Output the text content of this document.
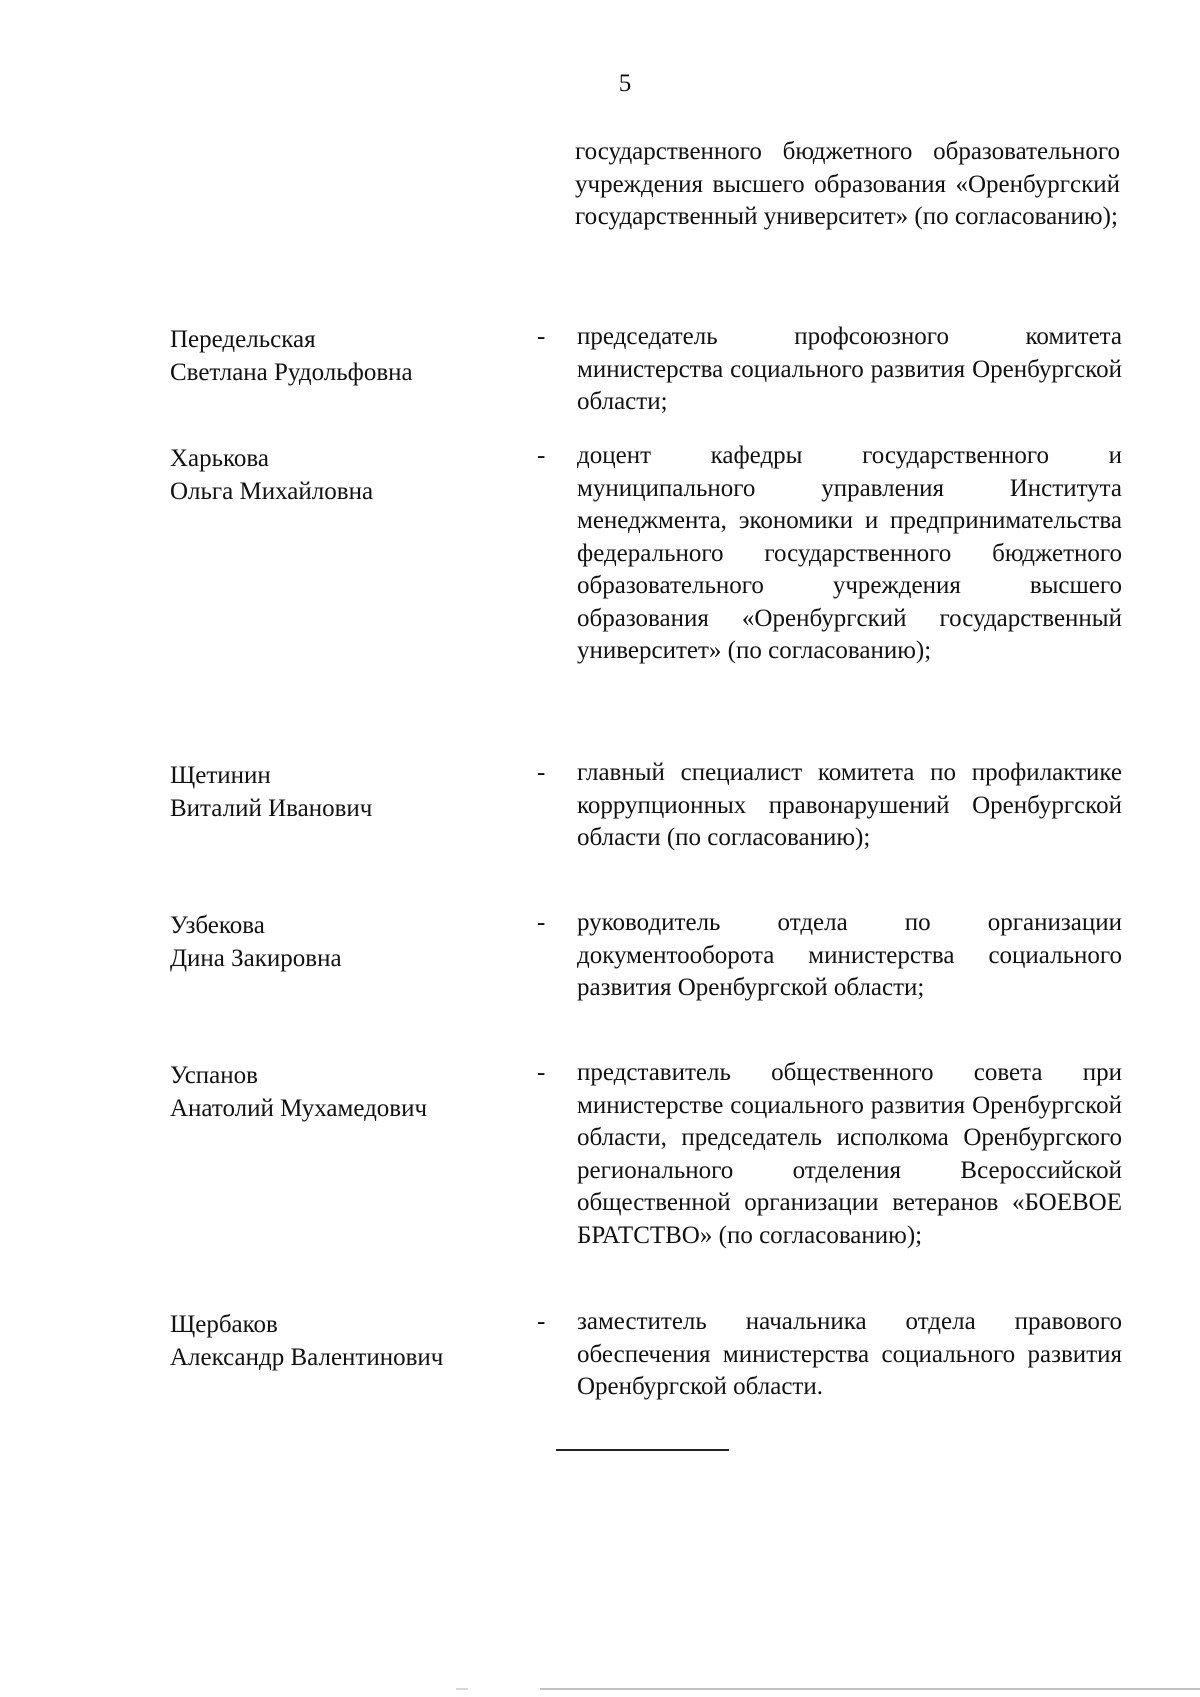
5
государственного бюджетного образовательного учреждения высшего образования «Оренбургский государственный университет» (по согласованию);
Передельская
Светлана Рудольфовна
- председатель профсоюзного комитета министерства социального развития Оренбургской области;
Харькова
Ольга Михайловна
- доцент кафедры государственного и муниципального управления Института менеджмента, экономики и предпринимательства федерального государственного бюджетного образовательного учреждения высшего образования «Оренбургский государственный университет» (по согласованию);
Щетинин
Виталий Иванович
- главный специалист комитета по профилактике коррупционных правонарушений Оренбургской области (по согласованию);
Узбекова
Дина Закировна
- руководитель отдела по организации документооборота министерства социального развития Оренбургской области;
Успанов
Анатолий Мухамедович
- представитель общественного совета при министерстве социального развития Оренбургской области, председатель исполкома Оренбургского регионального отделения Всероссийской общественной организации ветеранов «БОЕВОЕ БРАТСТВО» (по согласованию);
Щербаков
Александр Валентинович
- заместитель начальника отдела правового обеспечения министерства социального развития Оренбургской области.
